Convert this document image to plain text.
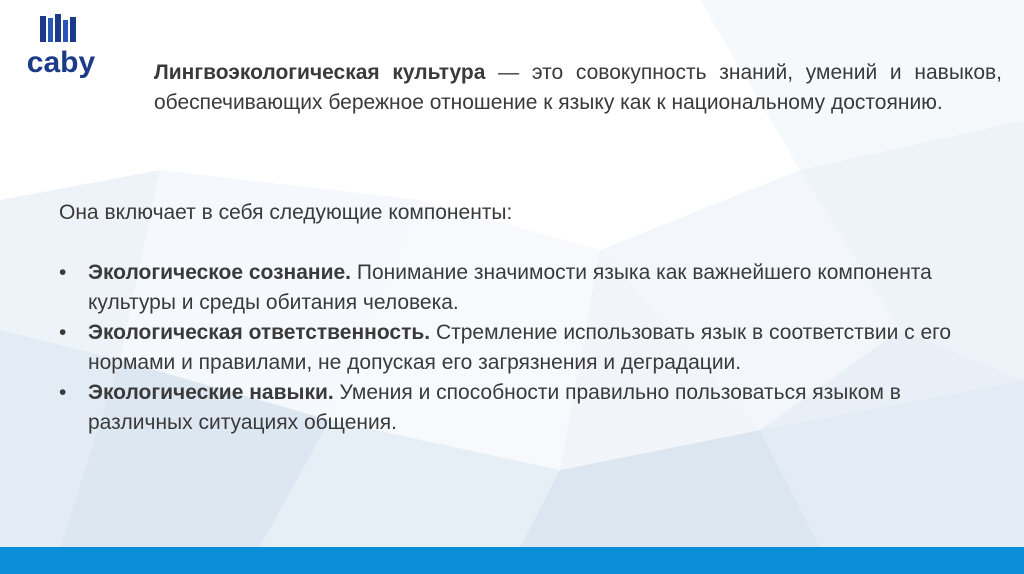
caby	Лингвоэкологическая культура — это совокупность знаний, умений и навыков, обеспечивающих бережное отношение к языку как к национальному достоянию.
Она включает в себя следующие компоненты:
• Экологическое сознание. Понимание значимости языка как важнейшего компонента культуры и среды обитания человека.
• Экологическая ответственность. Стремление использовать язык в соответствии с его нормами и правилами, не допуская его загрязнения и деградации.
• Экологические навыки. Умения и способности правильно пользоваться языком в различных ситуациях общения.
